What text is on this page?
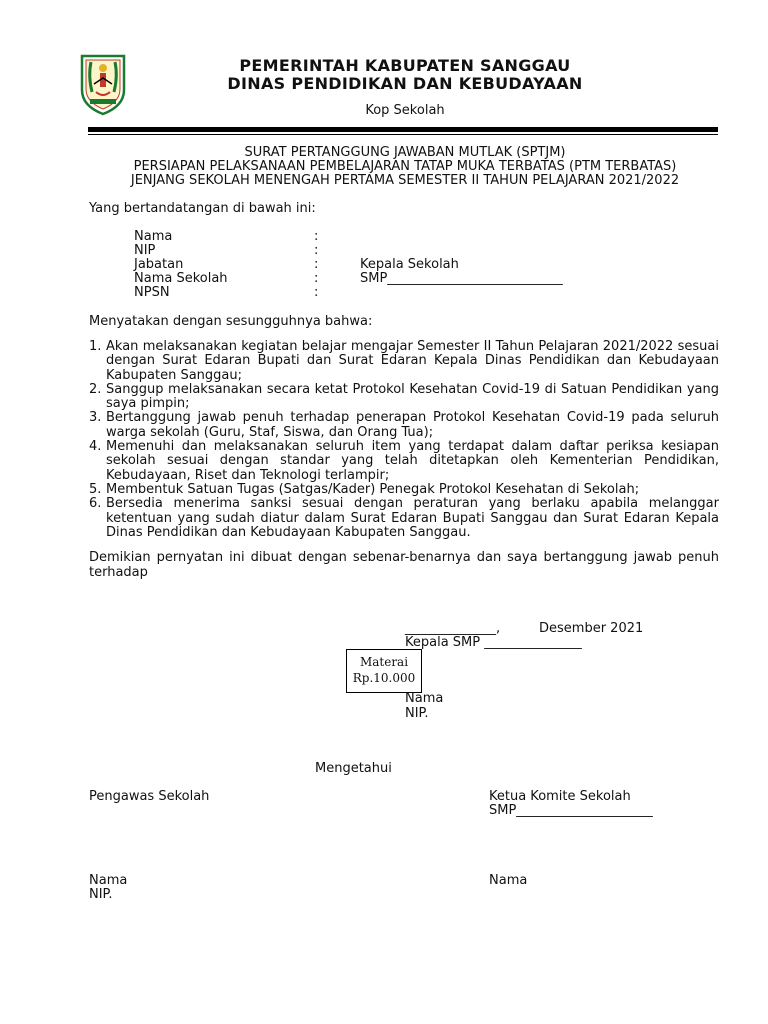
PEMERINTAH KABUPATEN SANGGAU
DINAS PENDIDIKAN DAN KEBUDAYAAN
Kop Sekolah
SURAT PERTANGGUNG JAWABAN MUTLAK (SPTJM)
PERSIAPAN PELAKSANAAN PEMBELAJARAN TATAP MUKA TERBATAS (PTM TERBATAS)
JENJANG SEKOLAH MENENGAH PERTAMA SEMESTER II TAHUN PELAJARAN 2021/2022
Yang bertandatangan di bawah ini:
Nama	:
NIP	:
Jabatan	:	Kepala Sekolah
Nama Sekolah	:	SMP___________________________
NPSN	:
Menyatakan dengan sesungguhnya bahwa:
1. Akan melaksanakan kegiatan belajar mengajar Semester II Tahun Pelajaran 2021/2022 sesuai dengan Surat Edaran Bupati dan Surat Edaran Kepala Dinas Pendidikan dan Kebudayaan Kabupaten Sanggau;
2. Sanggup melaksanakan secara ketat Protokol Kesehatan Covid-19 di Satuan Pendidikan yang saya pimpin;
3. Bertanggung jawab penuh terhadap penerapan Protokol Kesehatan Covid-19 pada seluruh warga sekolah (Guru, Staf, Siswa, dan Orang Tua);
4. Memenuhi dan melaksanakan seluruh item yang terdapat dalam daftar periksa kesiapan sekolah sesuai dengan standar yang telah ditetapkan oleh Kementerian Pendidikan, Kebudayaan, Riset dan Teknologi terlampir;
5. Membentuk Satuan Tugas (Satgas/Kader) Penegak Protokol Kesehatan di Sekolah;
6. Bersedia menerima sanksi sesuai dengan peraturan yang berlaku apabila melanggar ketentuan yang sudah diatur dalam Surat Edaran Bupati Sanggau dan Surat Edaran Kepala Dinas Pendidikan dan Kebudayaan Kabupaten Sanggau.
Demikian pernyatan ini dibuat dengan sebenar-benarnya dan saya bertanggung jawab penuh terhadap
______________,	Desember 2021
Kepala SMP _______________
Materai
Rp.10.000
Nama
NIP.
Mengetahui
Pengawas Sekolah	Ketua Komite Sekolah
SMP_____________________
Nama	Nama
NIP.
